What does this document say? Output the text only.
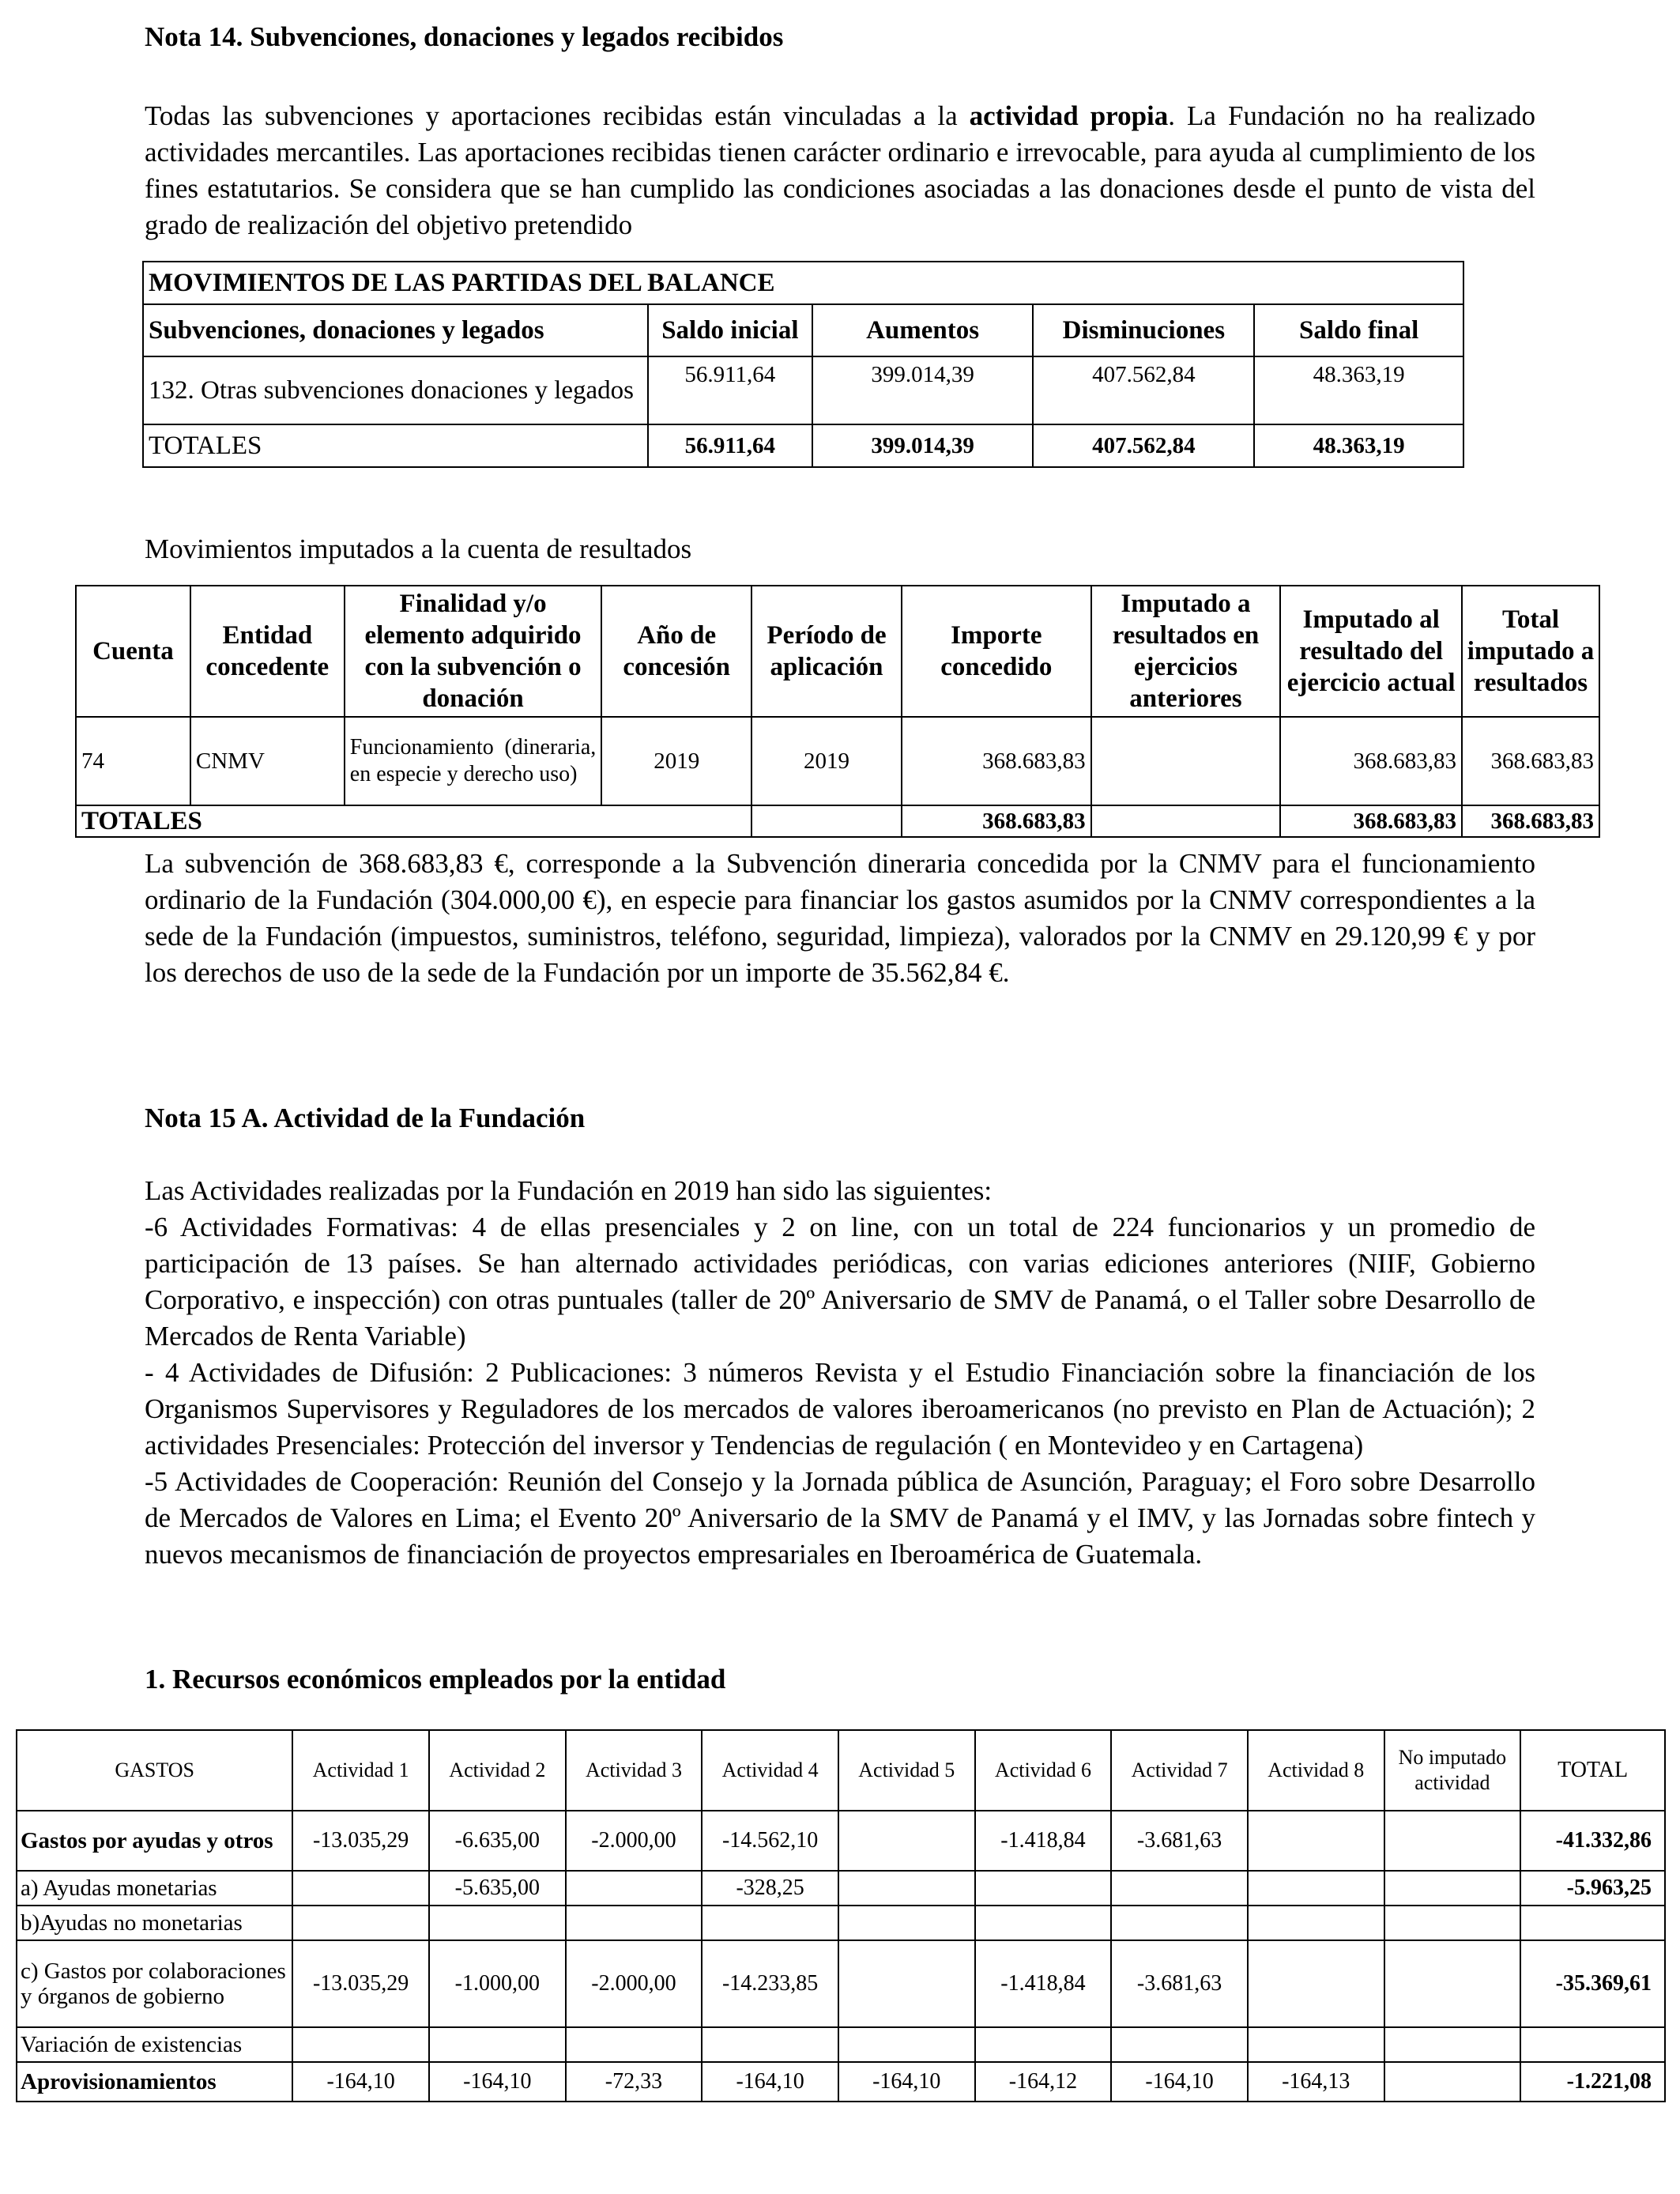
Nota 14. Subvenciones, donaciones y legados recibidos
Todas las subvenciones y aportaciones recibidas están vinculadas a la actividad propia. La Fundación no ha realizado actividades mercantiles. Las aportaciones recibidas tienen carácter ordinario e irrevocable, para ayuda al cumplimiento de los fines estatutarios. Se considera que se han cumplido las condiciones asociadas a las donaciones desde el punto de vista del grado de realización del objetivo pretendido
MOVIMIENTOS DE LAS PARTIDAS DEL BALANCE				
Subvenciones, donaciones y legados	Saldo inicial	Aumentos	Disminuciones	Saldo final
132. Otras subvenciones donaciones y legados	56.911,64	399.014,39	407.562,84	48.363,19
TOTALES	56.911,64	399.014,39	407.562,84	48.363,19
Movimientos imputados a la cuenta de resultados
Cuenta	Entidad concedente	Finalidad y/o elemento adquirido con la subvención o donación	Año de concesión	Período de aplicación	Importe concedido	Imputado a resultados en ejercicios anteriores	Imputado al resultado del ejercicio actual	Total imputado a resultados
74	CNMV	Funcionamiento (dineraria, en especie y derecho uso)	2019	2019	368.683,83		368.683,83	368.683,83
TOTALES					368.683,83		368.683,83	368.683,83
La subvención de 368.683,83 €, corresponde a la Subvención dineraria concedida por la CNMV para el funcionamiento ordinario de la Fundación (304.000,00 €), en especie para financiar los gastos asumidos por la CNMV correspondientes a la sede de la Fundación (impuestos, suministros, teléfono, seguridad, limpieza), valorados por la CNMV en 29.120,99 € y por los derechos de uso de la sede de la Fundación por un importe de 35.562,84 €.
Nota 15 A. Actividad de la Fundación
Las Actividades realizadas por la Fundación en 2019 han sido las siguientes:
-6 Actividades Formativas: 4 de ellas presenciales y 2 on line, con un total de 224 funcionarios y un promedio de participación de 13 países. Se han alternado actividades periódicas, con varias ediciones anteriores (NIIF, Gobierno Corporativo, e inspección) con otras puntuales (taller de 20º Aniversario de SMV de Panamá, o el Taller sobre Desarrollo de Mercados de Renta Variable)
- 4 Actividades de Difusión: 2 Publicaciones: 3 números Revista y el Estudio Financiación sobre la financiación de los Organismos Supervisores y Reguladores de los mercados de valores iberoamericanos (no previsto en Plan de Actuación); 2 actividades Presenciales: Protección del inversor y Tendencias de regulación ( en Montevideo y en Cartagena)
-5 Actividades de Cooperación: Reunión del Consejo y la Jornada pública de Asunción, Paraguay; el Foro sobre Desarrollo de Mercados de Valores en Lima; el Evento 20º Aniversario de la SMV de Panamá y el IMV, y las Jornadas sobre fintech y nuevos mecanismos de financiación de proyectos empresariales en Iberoamérica de Guatemala.
1. Recursos económicos empleados por la entidad
GASTOS	Actividad 1	Actividad 2	Actividad 3	Actividad 4	Actividad 5	Actividad 6	Actividad 7	Actividad 8	No imputado actividad	TOTAL
Gastos por ayudas y otros	-13.035,29	-6.635,00	-2.000,00	-14.562,10		-1.418,84	-3.681,63			-41.332,86
a) Ayudas monetarias		-5.635,00		-328,25						-5.963,25
b)Ayudas no monetarias										

c) Gastos por colaboraciones y órganos de gobierno	-13.035,29	-1.000,00	-2.000,00	-14.233,85		-1.418,84	-3.681,63			-35.369,61
Variación de existencias										
Aprovisionamientos	-164,10	-164,10	-72,33	-164,10	-164,10	-164,12	-164,10	-164,13		-1.221,08
